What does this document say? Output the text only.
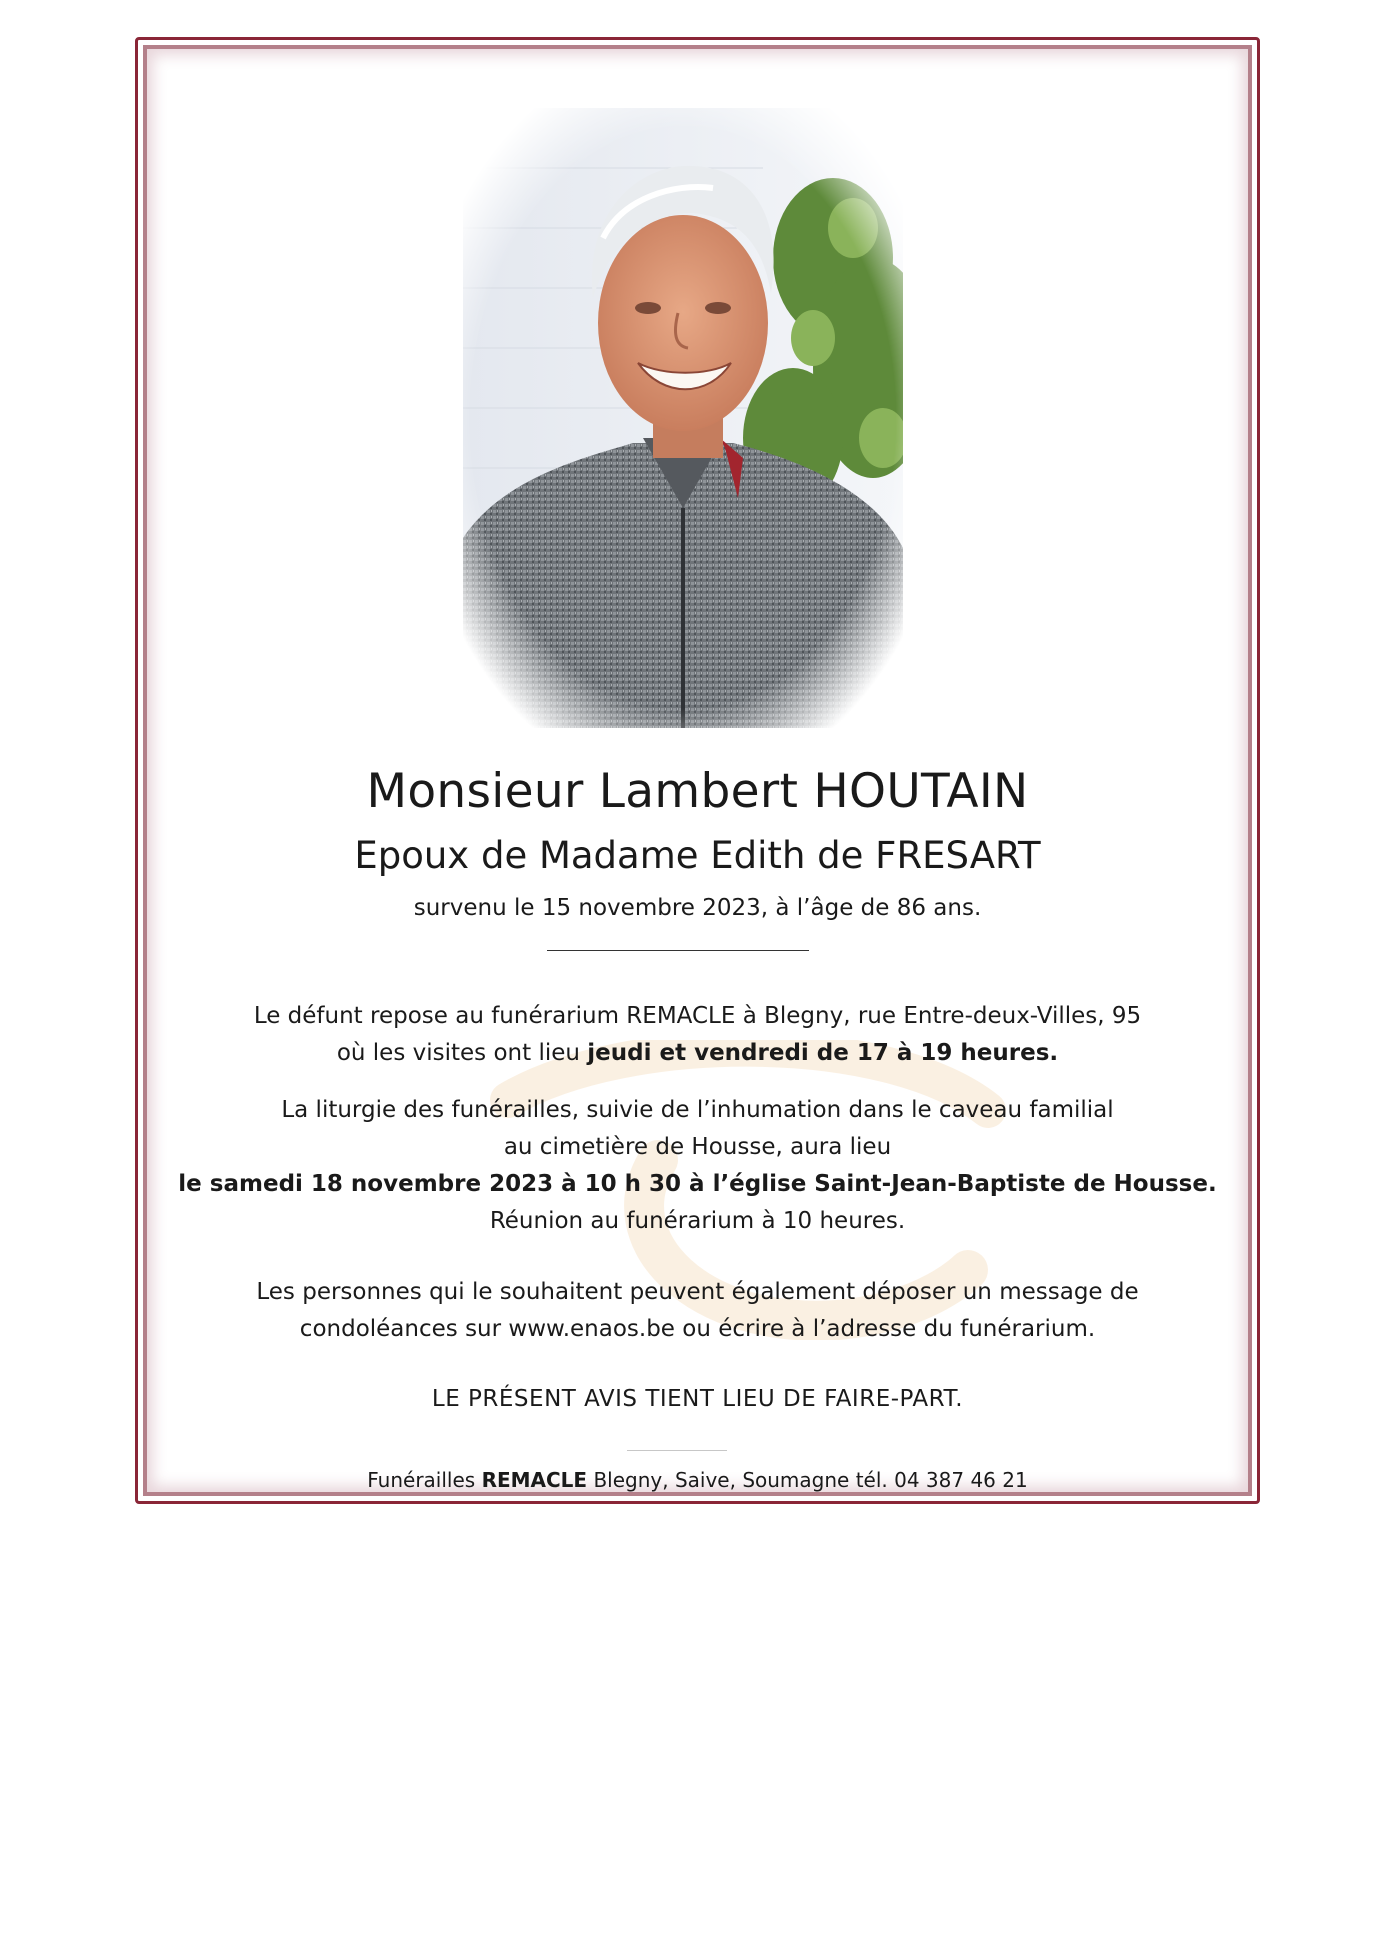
Monsieur Lambert HOUTAIN

Epoux de Madame Edith de FRESART

survenu le 15 novembre 2023, à l’âge de 86 ans.

Le défunt repose au funérarium REMACLE à Blegny, rue Entre-deux-Villes, 95
où les visites ont lieu jeudi et vendredi de 17 à 19 heures.
La liturgie des funérailles, suivie de l’inhumation dans le caveau familial
au cimetière de Housse, aura lieu
le samedi 18 novembre 2023 à 10 h 30 à l’église Saint-Jean-Baptiste de Housse.
Réunion au funérarium à 10 heures.
Les personnes qui le souhaitent peuvent également déposer un message de
condoléances sur www.enaos.be ou écrire à l’adresse du funérarium.

LE PRÉSENT AVIS TIENT LIEU DE FAIRE-PART.

Funérailles REMACLE Blegny, Saive, Soumagne tél. 04 387 46 21
